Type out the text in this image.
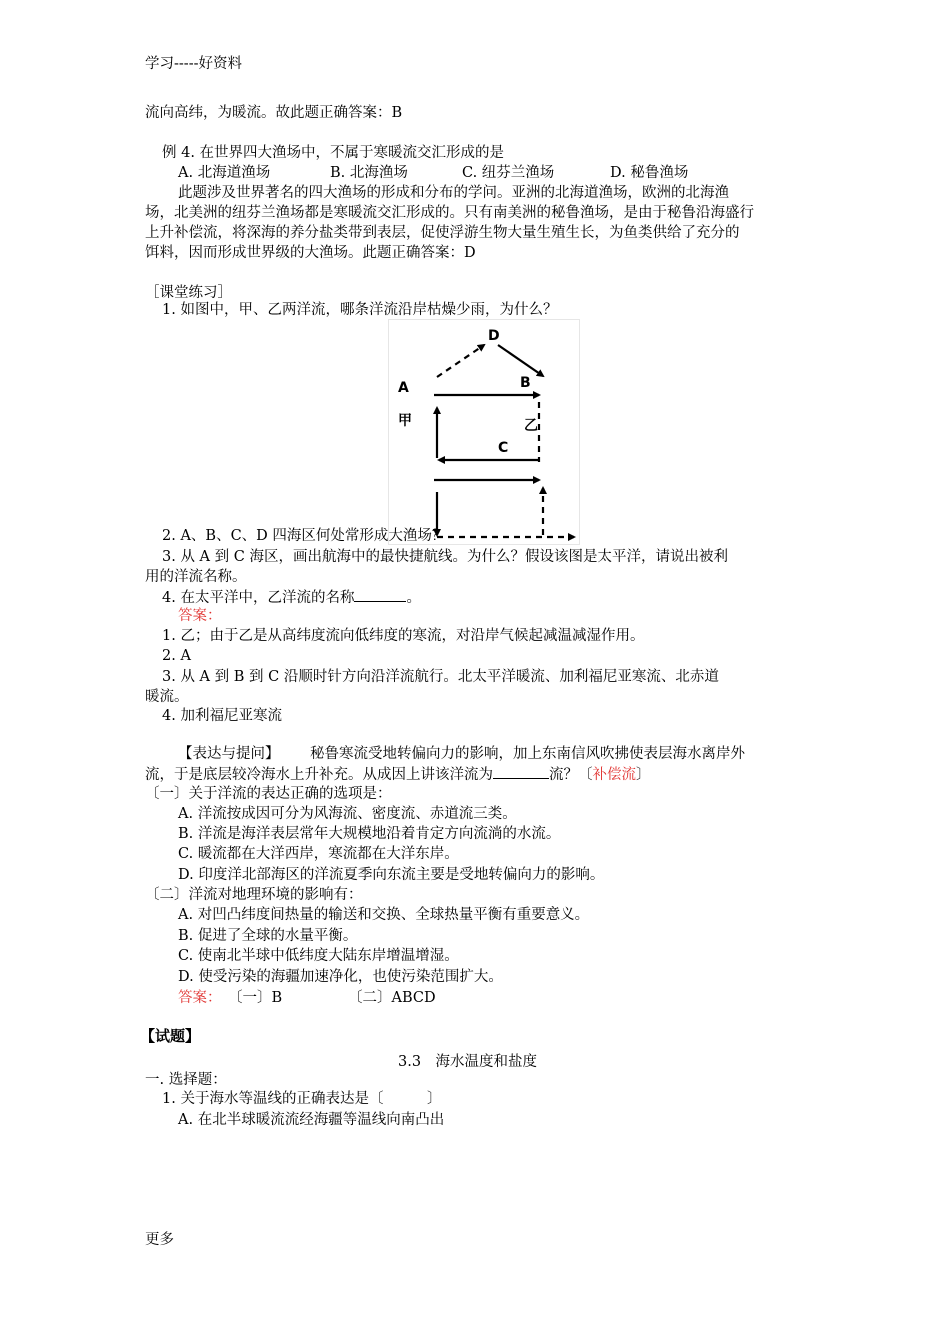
学习-----好资料
流向高纬，为暖流。故此题正确答案：B
例 4. 在世界四大渔场中，不属于寒暖流交汇形成的是
A. 北海道渔场	B. 北海渔场	C. 纽芬兰渔场	D. 秘鲁渔场
此题涉及世界著名的四大渔场的形成和分布的学问。亚洲的北海道渔场，欧洲的北海渔
场，北美洲的纽芬兰渔场都是寒暖流交汇形成的。只有南美洲的秘鲁渔场，是由于秘鲁沿海盛行
上升补偿流，将深海的养分盐类带到表层，促使浮游生物大量生殖生长，为鱼类供给了充分的
饵料，因而形成世界级的大渔场。此题正确答案：D
［课堂练习］
1. 如图中，甲、乙两洋流，哪条洋流沿岸枯燥少雨，为什么？
D
A	B
甲	乙
C
2. A、B、C、D 四海区何处常形成大渔场？
3. 从 A 到 C 海区，画出航海中的最快捷航线。为什么？假设该图是太平洋，请说出被利
用的洋流名称。
4. 在太平洋中，乙洋流的名称	。
答案：
1. 乙；由于乙是从高纬度流向低纬度的寒流，对沿岸气候起减温减湿作用。
2. A
3. 从 A 到 B 到 C 沿顺时针方向沿洋流航行。北太平洋暖流、加利福尼亚寒流、北赤道
暖流。
4. 加利福尼亚寒流
【表达与提问】 秘鲁寒流受地转偏向力的影响，加上东南信风吹拂使表层海水离岸外
流，于是底层较冷海水上升补充。从成因上讲该洋流为	流？〔补偿流〕
〔一〕关于洋流的表达正确的选项是：
A. 洋流按成因可分为风海流、密度流、赤道流三类。
B. 洋流是海洋表层常年大规模地沿着肯定方向流淌的水流。
C. 暖流都在大洋西岸，寒流都在大洋东岸。
D. 印度洋北部海区的洋流夏季向东流主要是受地转偏向力的影响。
〔二〕洋流对地理环境的影响有：
A. 对凹凸纬度间热量的输送和交换、全球热量平衡有重要意义。
B. 促进了全球的水量平衡。
C. 使南北半球中低纬度大陆东岸增温增湿。
D. 使受污染的海疆加速净化，也使污染范围扩大。
答案： 〔一〕B	〔二〕ABCD
【试题】
3.3　海水温度和盐度
一. 选择题：
1. 关于海水等温线的正确表达是〔　　　〕
A. 在北半球暖流流经海疆等温线向南凸出
更多
